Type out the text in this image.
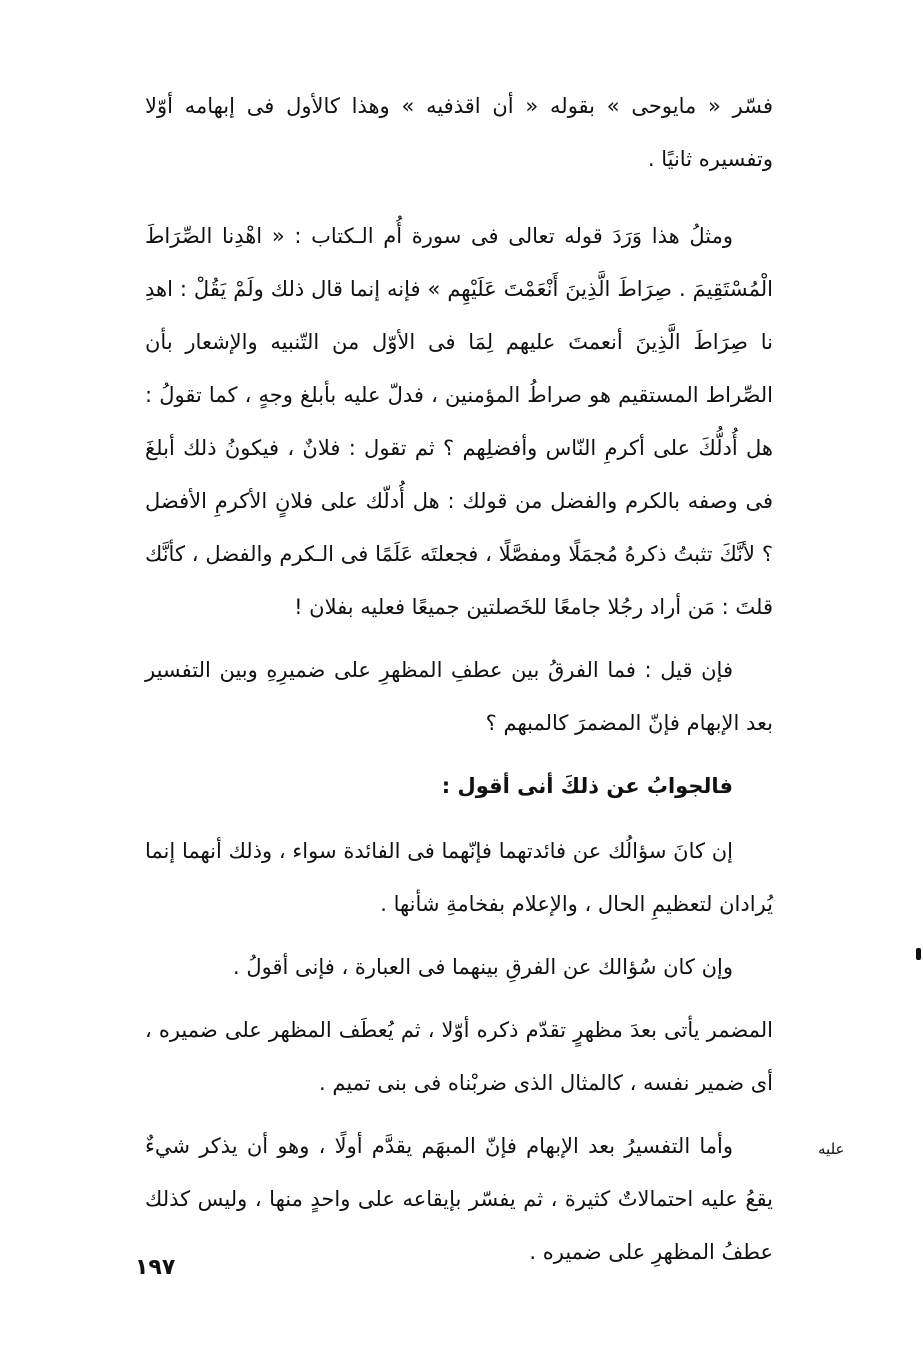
فسّر « مايوحى » بقوله « أن اقذفيه » وهذا كالأول فى إبهامه أوّلا وتفسيره ثانيًا .

ومثلُ هذا وَرَدَ قوله تعالى فى سورة أُم الـكتاب : « اهْدِنا الصِّرَاطَ الْمُسْتَقِيمَ . صِرَاطَ الَّذِينَ أَنْعَمْتَ عَلَيْهِم » فإنه إنما قال ذلك ولَمْ يَقُلْ : اهدِ نا صِرَاطَ الَّذِينَ أنعمتَ عليهم لِمَا فى الأوّل من التّنبيه والإشعار بأن الصِّراط المستقيم هو صراطُ المؤمنين ، فدلّ عليه بأبلغ وجهٍ ، كما تقولُ : هل أُدلُّكَ على أكرمِ النّاس وأفضلِهم ؟ ثم تقول : فلانٌ ، فيكونُ ذلك أبلغَ فى وصفه بالكرم والفضل من قولك : هل أُدلّك على فلانٍ الأكرمِ الأفضل ؟ لأنَّكَ تثبتُ ذكرهُ مُجمَلًا ومفصَّلًا ، فجعلتَه عَلَمًا فى الـكرم والفضل ، كأنَّك قلتَ : مَن أراد رجُلا جامعًا للخَصلتين جميعًا فعليه بفلان !

فإن قيل : فما الفرقُ بين عطفِ المظهرِ على ضميرِهِ وبين التفسير بعد الإبهام فإنّ المضمرَ كالمبهم ؟

فالجوابُ عن ذلكَ أنى أقول :

إن كانَ سؤالُك عن فائدتهما فإنّهما فى الفائدة سواء ، وذلك أنهما إنما يُرادان لتعظيمِ الحال ، والإعلام بفخامةِ شأنها .

وإن كان سُؤالك عن الفرقِ بينهما فى العبارة ، فإنى أقولُ .

المضمر يأتى بعدَ مظهرٍ تقدّم ذكره أوّلا ، ثم يُعطَف المظهر على ضميره ، أى ضمير نفسه ، كالمثال الذى ضربْناه فى بنى تميم .

وأما التفسيرُ بعد الإبهام فإنّ المبهَم يقدَّم أولًا ، وهو أن يذكر شيءٌ يقعُ عليه احتمالاتٌ كثيرة ، ثم يفسّر بإيقاعه على واحدٍ منها ، وليس كذلك عطفُ المظهرِ على ضميره .

عليه
١٩٧
